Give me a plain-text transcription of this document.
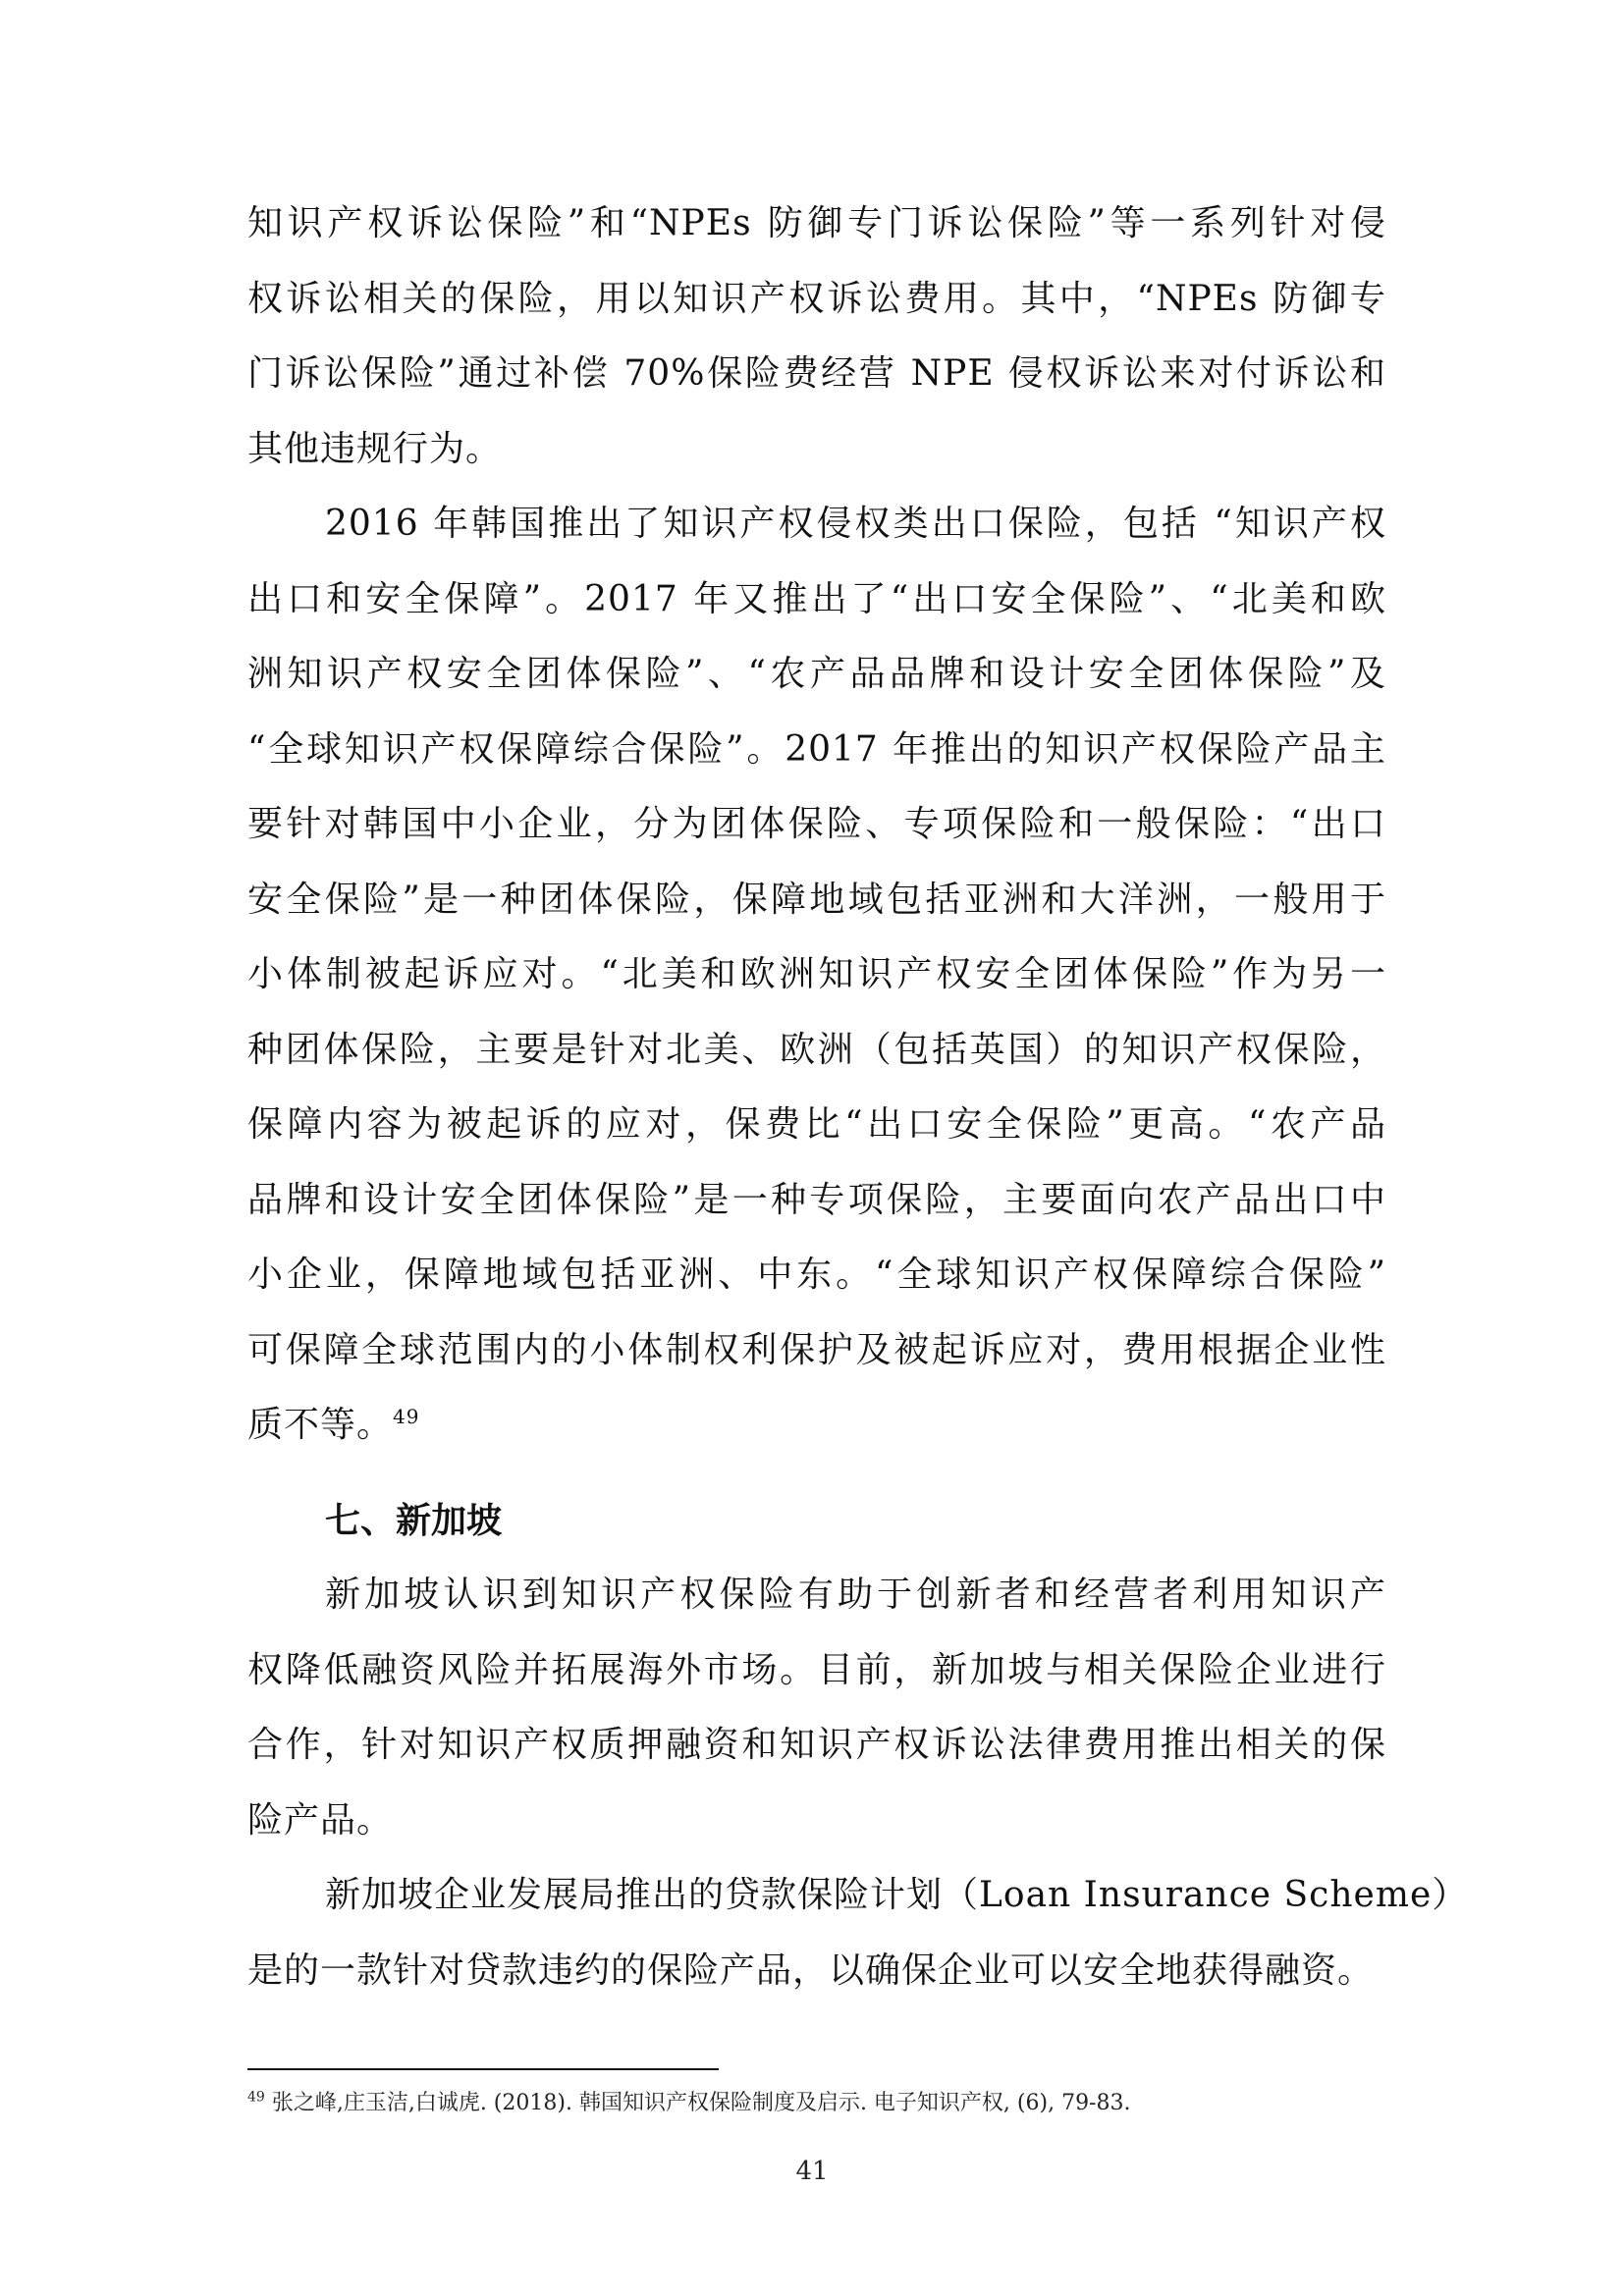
知识产权诉讼保险”和“NPEs 防御专门诉讼保险”等一系列针对侵
权诉讼相关的保险，用以知识产权诉讼费用。其中，“NPEs 防御专
门诉讼保险”通过补偿 70%保险费经营 NPE 侵权诉讼来对付诉讼和
其他违规行为。
2016 年韩国推出了知识产权侵权类出口保险，包括 “知识产权
出口和安全保障”。2017 年又推出了“出口安全保险”、“北美和欧
洲知识产权安全团体保险”、“农产品品牌和设计安全团体保险”及
“全球知识产权保障综合保险”。2017 年推出的知识产权保险产品主
要针对韩国中小企业，分为团体保险、专项保险和一般保险：“出口
安全保险”是一种团体保险，保障地域包括亚洲和大洋洲，一般用于
小体制被起诉应对。“北美和欧洲知识产权安全团体保险”作为另一
种团体保险，主要是针对北美、欧洲（包括英国）的知识产权保险，
保障内容为被起诉的应对，保费比“出口安全保险”更高。“农产品
品牌和设计安全团体保险”是一种专项保险，主要面向农产品出口中
小企业，保障地域包括亚洲、中东。“全球知识产权保障综合保险”
可保障全球范围内的小体制权利保护及被起诉应对，费用根据企业性
质不等。$^{49}$
七、新加坡
新加坡认识到知识产权保险有助于创新者和经营者利用知识产
权降低融资风险并拓展海外市场。目前，新加坡与相关保险企业进行
合作，针对知识产权质押融资和知识产权诉讼法律费用推出相关的保
险产品。
新加坡企业发展局推出的贷款保险计划（Loan Insurance Scheme）
是的一款针对贷款违约的保险产品，以确保企业可以安全地获得融资。
$^{49}$ 张之峰,庄玉洁,白诚虎. (2018). 韩国知识产权保险制度及启示. 电子知识产权, (6), 79-83.
41
